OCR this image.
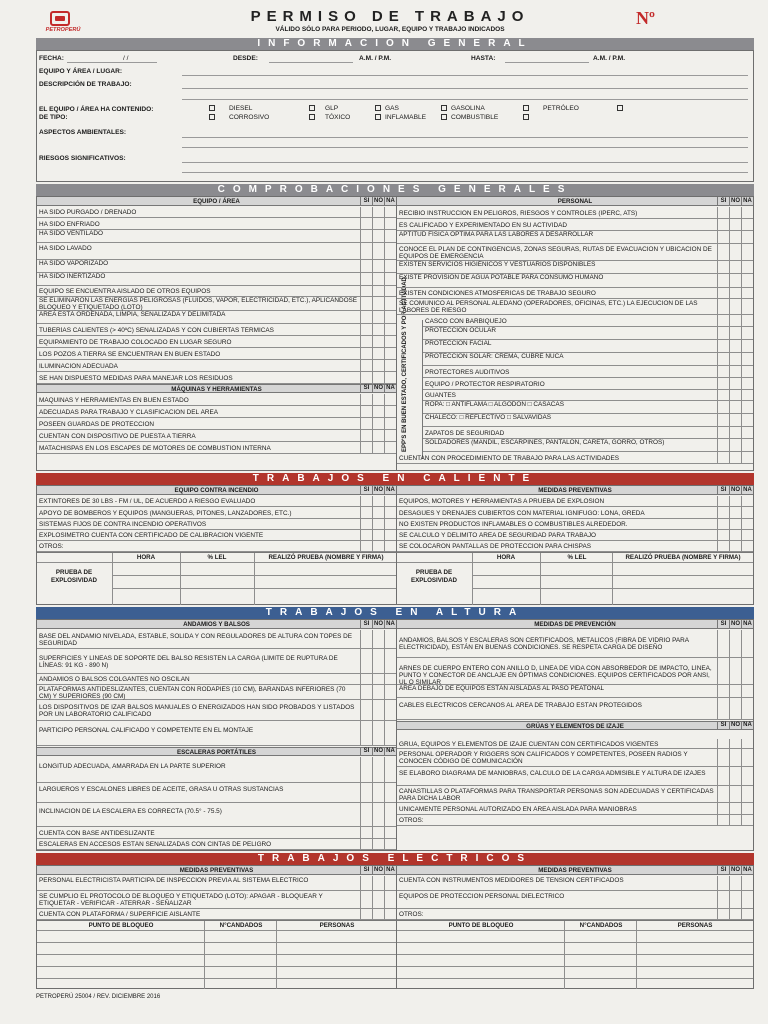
PETROPERÚ
PERMISO DE TRABAJO
VÁLIDO SÓLO PARA PERIODO, LUGAR, EQUIPO Y TRABAJO INDICADOS
Nº
INFORMACION GENERAL
FECHA:	/ /	DESDE:	A.M. / P.M.	HASTA:	A.M. / P.M.
EQUIPO Y ÁREA / LUGAR:
DESCRIPCIÓN DE TRABAJO:
EL EQUIPO / ÁREA HA CONTENIDO:
DE TIPO:
DIESEL	GLP	GAS	GASOLINA	PETRÓLEO
CORROSIVO	TÓXICO	INFLAMABLE	COMBUSTIBLE
ASPECTOS AMBIENTALES:
RIESGOS SIGNIFICATIVOS:
COMPROBACIONES GENERALES
EQUIPO / ÁREA	SI NO NA
HA SIDO PURGADO / DRENADO
HA SIDO ENFRIADO
HA SIDO VENTILADO
HA SIDO LAVADO
HA SIDO VAPORIZADO
HA SIDO INERTIZADO
EQUIPO SE ENCUENTRA AISLADO DE OTROS EQUIPOS
SE ELIMINARON LAS ENERGÍAS PELIGROSAS (FLUIDOS, VAPOR, ELECTRICIDAD, ETC.), APLICÁNDOSE BLOQUEO Y ETIQUETADO (LOTO)
ÁREA ESTÁ ORDENADA, LIMPIA, SEÑALIZADA Y DELIMITADA
TUBERÍAS CALIENTES (> 40ºC) SEÑALIZADAS Y CON CUBIERTAS TÉRMICAS
EQUIPAMIENTO DE TRABAJO COLOCADO EN LUGAR SEGURO
LOS POZOS A TIERRA SE ENCUENTRAN EN BUEN ESTADO
ILUMINACIÓN ADECUADA
SE HAN DISPUESTO MEDIDAS PARA MANEJAR LOS RESIDUOS
MÁQUINAS Y HERRAMIENTAS	SI NO NA
MÁQUINAS Y HERRAMIENTAS EN BUEN ESTADO
ADECUADAS PARA TRABAJO Y CLASIFICACIÓN DEL ÁREA
POSEEN GUARDAS DE PROTECCIÓN
CUENTAN CON DISPOSITIVO DE PUESTA A TIERRA
MATACHISPAS EN LOS ESCAPES DE MOTORES DE COMBUSTIÓN INTERNA
PERSONAL	SI NO NA
EPP'S EN BUEN ESTADO, CERTIFICADOS Y POR ACTIVIDAD
RECIBIÓ INSTRUCCIÓN EN PELIGROS, RIESGOS Y CONTROLES (IPERC, ATS)
ES CALIFICADO Y EXPERIMENTADO EN SU ACTIVIDAD
APTITUD FÍSICA ÓPTIMA PARA LAS LABORES A DESARROLLAR
CONOCE EL PLAN DE CONTINGENCIAS, ZONAS SEGURAS, RUTAS DE EVACUACIÓN Y UBICACIÓN DE EQUIPOS DE EMERGENCIA
EXISTEN SERVICIOS HIGIÉNICOS Y VESTUARIOS DISPONIBLES
EXISTE PROVISIÓN DE AGUA POTABLE PARA CONSUMO HUMANO
EXISTEN CONDICIONES ATMOSFÉRICAS DE TRABAJO SEGURO
SE COMUNICÓ AL PERSONAL ALEDAÑO (OPERADORES, OFICINAS, ETC.) LA EJECUCIÓN DE LAS LABORES DE RIESGO
CASCO CON BARBIQUEJO
PROTECCIÓN OCULAR
PROTECCIÓN FACIAL
PROTECCIÓN SOLAR: CREMA, CUBRE NUCA
PROTECTORES AUDITIVOS
EQUIPO / PROTECTOR RESPIRATORIO
GUANTES
ROPA: □ ANTIFLAMA □ ALGODÓN □ CASACAS
CHALECO: □ REFLECTIVO □ SALVAVIDAS
ZAPATOS DE SEGURIDAD
SOLDADORES (MANDIL, ESCARPINES, PANTALÓN, CARETA, GORRO, OTROS)
CUENTAN CON PROCEDIMIENTO DE TRABAJO PARA LAS ACTIVIDADES
TRABAJOS EN CALIENTE
EQUIPO CONTRA INCENDIO	SI NO NA
EXTINTORES DE 30 LBS - FM / UL, DE ACUERDO A RIESGO EVALUADO
APOYO DE BOMBEROS Y EQUIPOS (MANGUERAS, PITONES, LANZADORES, ETC.)
SISTEMAS FIJOS DE CONTRA INCENDIO OPERATIVOS
EXPLOSÍMETRO CUENTA CON CERTIFICADO DE CALIBRACIÓN VIGENTE
OTROS:
MEDIDAS PREVENTIVAS	SI NO NA
EQUIPOS, MOTORES Y HERRAMIENTAS A PRUEBA DE EXPLOSIÓN
DESAGÜES Y DRENAJES CUBIERTOS CON MATERIAL IGNÍFUGO: LONA, GREDA
NO EXISTEN PRODUCTOS INFLAMABLES O COMBUSTIBLES ALREDEDOR.
SE CALCULÓ Y DELIMITÓ ÁREA DE SEGURIDAD PARA TRABAJO
SE COLOCARON PANTALLAS DE PROTECCIÓN PARA CHISPAS
PRUEBA DE EXPLOSIVIDAD
HORA	% LEL	REALIZÓ PRUEBA (NOMBRE Y FIRMA)
PRUEBA DE EXPLOSIVIDAD
HORA	% LEL	REALIZÓ PRUEBA (NOMBRE Y FIRMA)
TRABAJOS EN ALTURA
ANDAMIOS Y BALSOS	SI NO NA
BASE DEL ANDAMIO NIVELADA, ESTABLE, SÓLIDA Y CON REGULADORES DE ALTURA CON TOPES DE SEGURIDAD
SUPERFICIES Y LÍNEAS DE SOPORTE DEL BALSO RESISTEN LA CARGA (LÍMITE DE RUPTURA DE LÍNEAS: 91 KG - 890 N)
ANDAMIOS O BALSOS COLGANTES NO OSCILAN
PLATAFORMAS ANTIDESLIZANTES, CUENTAN CON RODAPIÉS (10 CM), BARANDAS INFERIORES (70 CM) Y SUPERIORES (90 CM)
LOS DISPOSITIVOS DE IZAR BALSOS MANUALES O ENERGIZADOS HAN SIDO PROBADOS Y LISTADOS POR UN LABORATORIO CALIFICADO
PARTICIPÓ PERSONAL CALIFICADO Y COMPETENTE EN EL MONTAJE
ESCALERAS PORTÁTILES	SI NO NA
LONGITUD ADECUADA, AMARRADA EN LA PARTE SUPERIOR
LARGUEROS Y ESCALONES LIBRES DE ACEITE, GRASA U OTRAS SUSTANCIAS
INCLINACIÓN DE LA ESCALERA ES CORRECTA (70.5° - 75.5)
CUENTA CON BASE ANTIDESLIZANTE
ESCALERAS EN ACCESOS ESTÁN SEÑALIZADAS CON CINTAS DE PELIGRO
MEDIDAS DE PREVENCIÓN	SI NO NA
ANDAMIOS, BALSOS Y ESCALERAS SON CERTIFICADOS, METÁLICOS (FIBRA DE VIDRIO PARA ELECTRICIDAD), ESTÁN EN BUENAS CONDICIONES. SE RESPETA CARGA DE DISEÑO
ARNÉS DE CUERPO ENTERO CON ANILLO D, LÍNEA DE VIDA CON ABSORBEDOR DE IMPACTO, LÍNEA, PUNTO Y CONECTOR DE ANCLAJE EN ÓPTIMAS CONDICIONES. EQUIPOS CERTIFICADOS POR ANSI, UL O SIMILAR
ÁREA DEBAJO DE EQUIPOS ESTÁN AISLADAS AL PASO PEATONAL
CABLES ELÉCTRICOS CERCANOS AL ÁREA DE TRABAJO ESTÁN PROTEGIDOS
GRÚAS Y ELEMENTOS DE IZAJE	SI NO NA
GRÚA, EQUIPOS Y ELEMENTOS DE IZAJE CUENTAN CON CERTIFICADOS VIGENTES
PERSONAL OPERADOR Y RIGGERS SON CALIFICADOS Y COMPETENTES, POSEEN RADIOS Y CONOCEN CÓDIGO DE COMUNICACIÓN
SE ELABORÓ DIAGRAMA DE MANIOBRAS, CÁLCULO DE LA CARGA ADMISIBLE Y ALTURA DE IZAJES
CANASTILLAS O PLATAFORMAS PARA TRANSPORTAR PERSONAS SON ADECUADAS Y CERTIFICADAS PARA DICHA LABOR
ÚNICAMENTE PERSONAL AUTORIZADO EN ÁREA AISLADA PARA MANIOBRAS
OTROS:
TRABAJOS ELECTRICOS
MEDIDAS PREVENTIVAS	SI NO NA
PERSONAL ELECTRICISTA PARTICIPA DE INSPECCIÓN PREVIA AL SISTEMA ELÉCTRICO
SE CUMPLIÓ EL PROTOCOLO DE BLOQUEO Y ETIQUETADO (LOTO): APAGAR - BLOQUEAR Y ETIQUETAR - VERIFICAR - ATERRAR - SEÑALIZAR
CUENTA CON PLATAFORMA / SUPERFICIE AISLANTE
MEDIDAS PREVENTIVAS	SI NO NA
CUENTA CON INSTRUMENTOS MEDIDORES DE TENSIÓN CERTIFICADOS
EQUIPOS DE PROTECCIÓN PERSONAL DIELÉCTRICO
OTROS:
PUNTO DE BLOQUEO	N°CANDADOS	PERSONAS	PUNTO DE BLOQUEO	N°CANDADOS	PERSONAS
PETROPERÚ 25004 / REV. DICIEMBRE 2016
